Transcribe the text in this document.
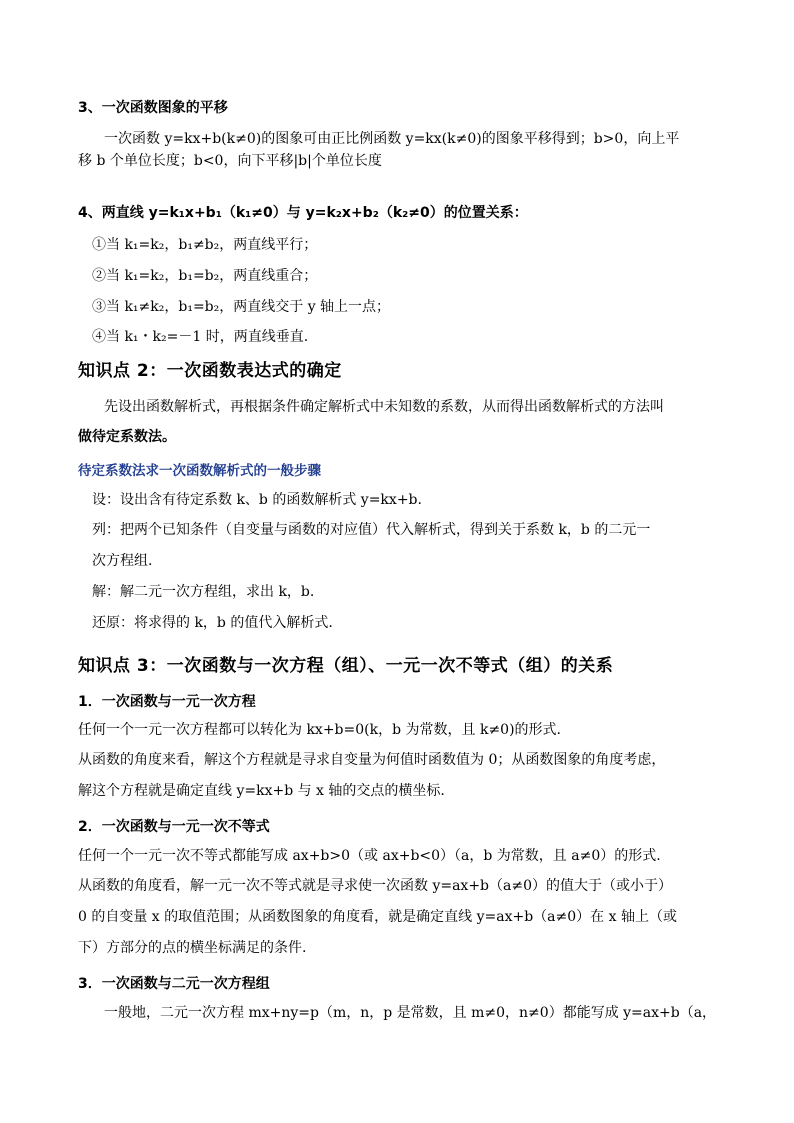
3、一次函数图象的平移
一次函数 y=kx+b(k≠0)的图象可由正比例函数 y=kx(k≠0)的图象平移得到；b>0，向上平
移 b 个单位长度；b<0，向下平移|b|个单位长度
4、两直线 y=k₁x+b₁（k₁≠0）与 y=k₂x+b₂（k₂≠0）的位置关系：
①当 k₁=k₂，b₁≠b₂，两直线平行；
②当 k₁=k₂，b₁=b₂，两直线重合；
③当 k₁≠k₂，b₁=b₂，两直线交于 y 轴上一点；
④当 k₁・k₂=－1 时，两直线垂直.
知识点 2：一次函数表达式的确定
先设出函数解析式，再根据条件确定解析式中未知数的系数，从而得出函数解析式的方法叫
做待定系数法。
待定系数法求一次函数解析式的一般步骤
设：设出含有待定系数 k、b 的函数解析式 y=kx+b.
列：把两个已知条件（自变量与函数的对应值）代入解析式，得到关于系数 k，b 的二元一
次方程组.
解：解二元一次方程组，求出 k，b.
还原：将求得的 k，b 的值代入解析式.
知识点 3：一次函数与一次方程（组）、一元一次不等式（组）的关系
1．一次函数与一元一次方程
任何一个一元一次方程都可以转化为 kx+b=0(k，b 为常数，且 k≠0)的形式.
从函数的角度来看，解这个方程就是寻求自变量为何值时函数值为 0；从函数图象的角度考虑，
解这个方程就是确定直线 y=kx+b 与 x 轴的交点的横坐标.
2．一次函数与一元一次不等式
任何一个一元一次不等式都能写成 ax+b>0（或 ax+b<0）（a，b 为常数，且 a≠0）的形式.
从函数的角度看，解一元一次不等式就是寻求使一次函数 y=ax+b（a≠0）的值大于（或小于）
0 的自变量 x 的取值范围；从函数图象的角度看，就是确定直线 y=ax+b（a≠0）在 x 轴上（或
下）方部分的点的横坐标满足的条件.
3．一次函数与二元一次方程组
一般地，二元一次方程 mx+ny=p（m，n，p 是常数，且 m≠0，n≠0）都能写成 y=ax+b（a，
